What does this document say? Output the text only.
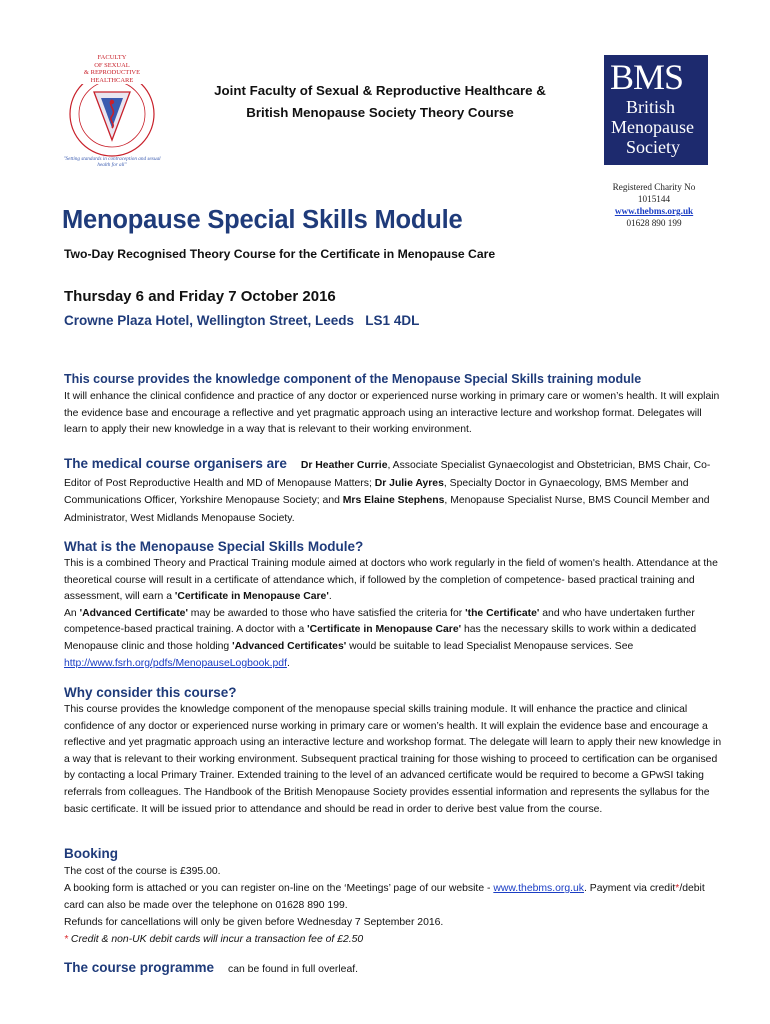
FACULTY
OF SEXUAL
& REPRODUCTIVE
HEALTHCARE
"Setting standards in contraception and sexual health for all"
Joint Faculty of Sexual & Reproductive Healthcare &
British Menopause Society Theory Course
BMS
British
Menopause
Society
Registered Charity No
1015144
www.thebms.org.uk
01628 890 199
Menopause Special Skills Module
Two-Day Recognised Theory Course for the Certificate in Menopause Care
Thursday 6 and Friday 7 October 2016
Crowne Plaza Hotel, Wellington Street, Leeds   LS1 4DL
This course provides the knowledge component of the Menopause Special Skills training module
It will enhance the clinical confidence and practice of any doctor or experienced nurse working in primary care or women’s health. It will explain the evidence base and encourage a reflective and yet pragmatic approach using an interactive lecture and workshop format. Delegates will learn to apply their new knowledge in a way that is relevant to their working environment.
The medical course organisers are Dr Heather Currie, Associate Specialist Gynaecologist and Obstetrician, BMS Chair, Co-Editor of Post Reproductive Health and MD of Menopause Matters; Dr Julie Ayres, Specialty Doctor in Gynaecology, BMS Member and Communications Officer, Yorkshire Menopause Society; and Mrs Elaine Stephens, Menopause Specialist Nurse, BMS Council Member and Administrator, West Midlands Menopause Society.
What is the Menopause Special Skills Module?

This is a combined Theory and Practical Training module aimed at doctors who work regularly in the field of women's health. Attendance at the theoretical course will result in a certificate of attendance which, if followed by the completion of competence- based practical training and assessment, will earn a 'Certificate in Menopause Care'.

An 'Advanced Certificate' may be awarded to those who have satisfied the criteria for 'the Certificate' and who have undertaken further competence-based practical training. A doctor with a 'Certificate in Menopause Care' has the necessary skills to work within a dedicated Menopause clinic and those holding 'Advanced Certificates' would be suitable to lead Specialist Menopause services. See http://www.fsrh.org/pdfs/MenopauseLogbook.pdf.

Why consider this course?
This course provides the knowledge component of the menopause special skills training module. It will enhance the practice and clinical confidence of any doctor or experienced nurse working in primary care or women’s health. It will explain the evidence base and encourage a reflective and yet pragmatic approach using an interactive lecture and workshop format. The delegate will learn to apply their new knowledge in a way that is relevant to their working environment. Subsequent practical training for those wishing to proceed to certification can be organised by contacting a local Primary Trainer. Extended training to the level of an advanced certificate would be required to become a GPwSI taking referrals from colleagues. The Handbook of the British Menopause Society provides essential information and represents the syllabus for the basic certificate. It will be issued prior to attendance and should be read in order to derive best value from the course.
Booking

The cost of the course is £395.00.

A booking form is attached or you can register on-line on the ‘Meetings’ page of our website - www.thebms.org.uk. Payment via credit*/debit card can also be made over the telephone on 01628 890 199.

Refunds for cancellations will only be given before Wednesday 7 September 2016.

* Credit & non-UK debit cards will incur a transaction fee of £2.50

The course programme can be found in full overleaf.
